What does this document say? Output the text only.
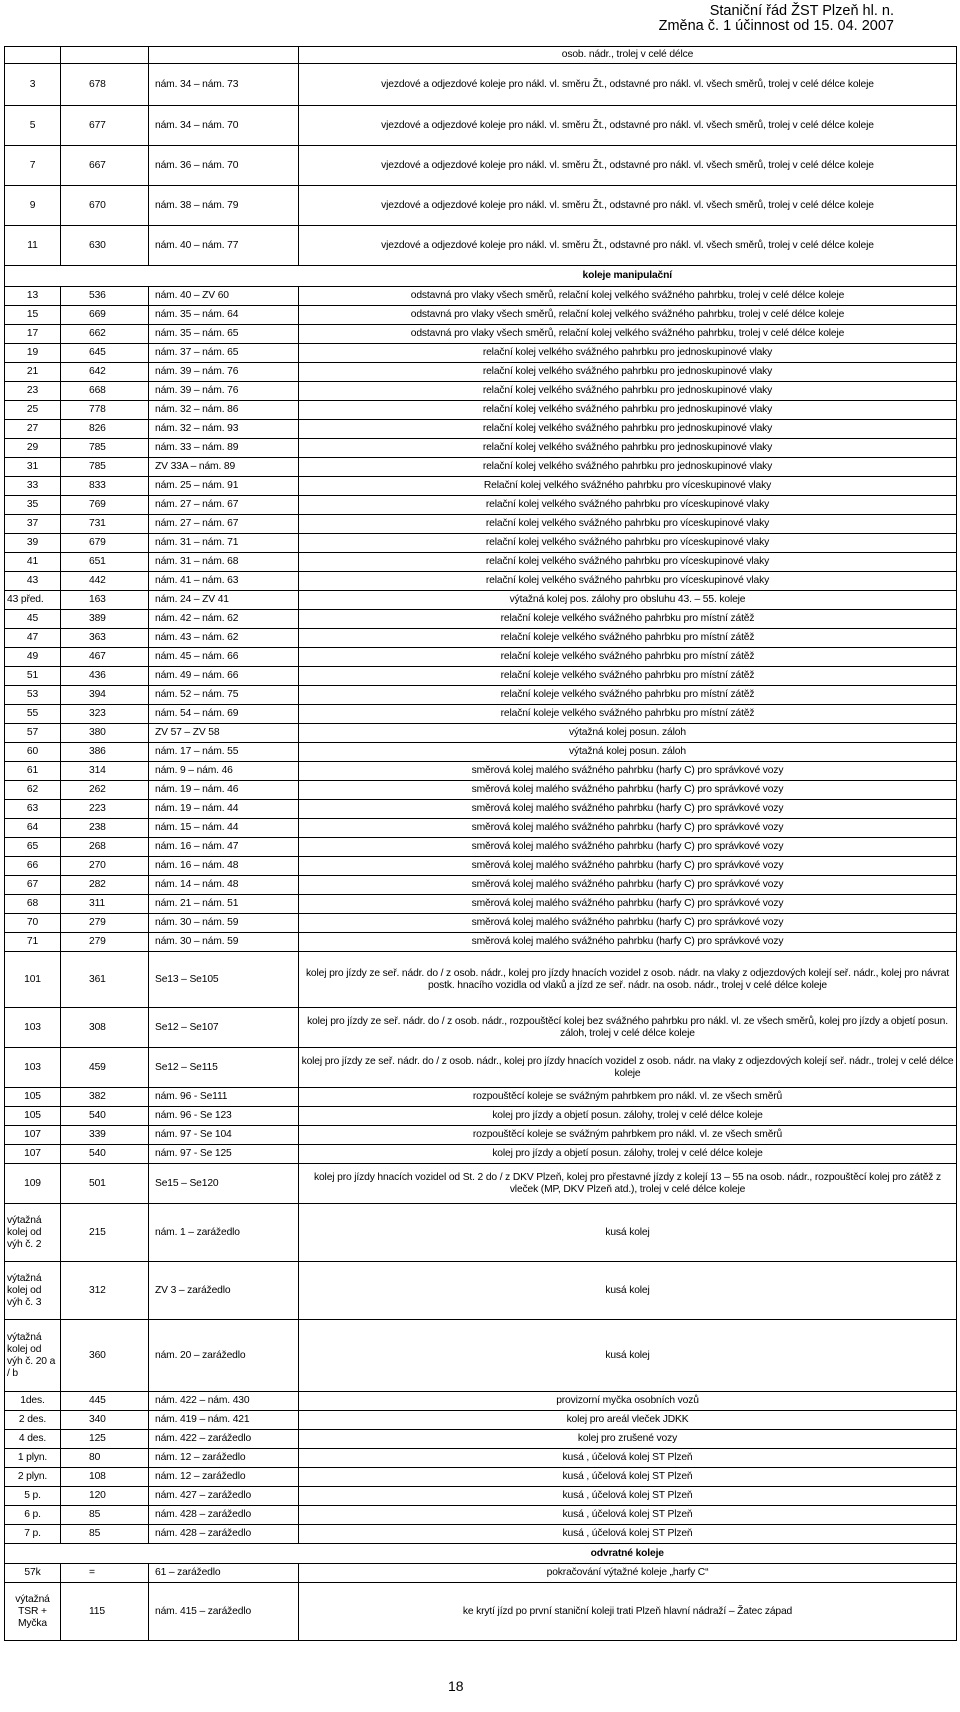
Staniční řád ŽST Plzeň hl. n.
Změna č. 1 účinnost od 15. 04. 2007
			osob. nádr., trolej v celé délce
3	678	nám. 34 – nám. 73	vjezdové a odjezdové koleje pro nákl. vl. směru Žt., odstavné pro nákl. vl. všech směrů, trolej v celé délce koleje
5	677	nám. 34 – nám. 70	vjezdové a odjezdové koleje pro nákl. vl. směru Žt., odstavné pro nákl. vl. všech směrů, trolej v celé délce koleje
7	667	nám. 36 – nám. 70	vjezdové a odjezdové koleje pro nákl. vl. směru Žt., odstavné pro nákl. vl. všech směrů, trolej v celé délce koleje
9	670	nám. 38 – nám. 79	vjezdové a odjezdové koleje pro nákl. vl. směru Žt., odstavné pro nákl. vl. všech směrů, trolej v celé délce koleje
11	630	nám. 40 – nám. 77	vjezdové a odjezdové koleje pro nákl. vl. směru Žt., odstavné pro nákl. vl. všech směrů, trolej v celé délce koleje
			koleje manipulační
13	536	nám. 40 – ZV 60	odstavná pro vlaky všech směrů, relační kolej velkého svážného pahrbku, trolej v celé délce koleje
15	669	nám. 35 – nám. 64	odstavná pro vlaky všech směrů, relační kolej velkého svážného pahrbku, trolej v celé délce koleje
17	662	nám. 35 – nám. 65	odstavná pro vlaky všech směrů, relační kolej velkého svážného pahrbku, trolej v celé délce koleje
19	645	nám. 37 – nám. 65	relační kolej velkého svážného pahrbku pro jednoskupinové vlaky
21	642	nám. 39 – nám. 76	relační kolej velkého svážného pahrbku pro jednoskupinové vlaky
23	668	nám. 39 – nám. 76	relační kolej velkého svážného pahrbku pro jednoskupinové vlaky
25	778	nám. 32 – nám. 86	relační kolej velkého svážného pahrbku pro jednoskupinové vlaky
27	826	nám. 32 – nám. 93	relační kolej velkého svážného pahrbku pro jednoskupinové vlaky
29	785	nám. 33 – nám. 89	relační kolej velkého svážného pahrbku pro jednoskupinové vlaky
31	785	ZV 33A – nám. 89	relační kolej velkého svážného pahrbku pro jednoskupinové vlaky
33	833	nám. 25 – nám. 91	Relační kolej velkého svážného pahrbku pro víceskupinové vlaky
35	769	nám. 27 – nám. 67	relační kolej velkého svážného pahrbku pro víceskupinové vlaky
37	731	nám. 27 – nám. 67	relační kolej velkého svážného pahrbku pro víceskupinové vlaky
39	679	nám. 31 – nám. 71	relační kolej velkého svážného pahrbku pro víceskupinové vlaky
41	651	nám. 31 – nám. 68	relační kolej velkého svážného pahrbku pro víceskupinové vlaky
43	442	nám. 41 – nám. 63	relační kolej velkého svážného pahrbku pro víceskupinové vlaky
43 před.	163	nám. 24 – ZV 41	výtažná kolej pos. zálohy pro obsluhu 43. – 55. koleje
45	389	nám. 42 – nám. 62	relační koleje velkého svážného pahrbku pro místní zátěž
47	363	nám. 43 – nám. 62	relační koleje velkého svážného pahrbku pro místní zátěž
49	467	nám. 45 – nám. 66	relační koleje velkého svážného pahrbku pro místní zátěž
51	436	nám. 49 – nám. 66	relační koleje velkého svážného pahrbku pro místní zátěž
53	394	nám. 52 – nám. 75	relační koleje velkého svážného pahrbku pro místní zátěž
55	323	nám. 54 – nám. 69	relační koleje velkého svážného pahrbku pro místní zátěž
57	380	ZV 57 – ZV 58	výtažná kolej posun. záloh
60	386	nám. 17 – nám. 55	výtažná kolej posun. záloh
61	314	nám. 9 – nám. 46	směrová kolej malého svážného pahrbku (harfy C) pro správkové vozy
62	262	nám. 19 – nám. 46	směrová kolej malého svážného pahrbku (harfy C) pro správkové vozy
63	223	nám. 19 – nám. 44	směrová kolej malého svážného pahrbku (harfy C) pro správkové vozy
64	238	nám. 15 – nám. 44	směrová kolej malého svážného pahrbku (harfy C) pro správkové vozy
65	268	nám. 16 – nám. 47	směrová kolej malého svážného pahrbku (harfy C) pro správkové vozy
66	270	nám. 16 – nám. 48	směrová kolej malého svážného pahrbku (harfy C) pro správkové vozy
67	282	nám. 14 – nám. 48	směrová kolej malého svážného pahrbku (harfy C) pro správkové vozy
68	311	nám. 21 – nám. 51	směrová kolej malého svážného pahrbku (harfy C) pro správkové vozy
70	279	nám. 30 – nám. 59	směrová kolej malého svážného pahrbku (harfy C) pro správkové vozy
71	279	nám. 30 – nám. 59	směrová kolej malého svážného pahrbku (harfy C) pro správkové vozy
101	361	Se13 – Se105	kolej pro jízdy ze seř. nádr. do / z osob. nádr., kolej pro jízdy hnacích vozidel z osob. nádr. na vlaky z odjezdových kolejí seř. nádr., kolej pro návrat postk. hnacího vozidla od vlaků a jízd ze seř. nádr. na osob. nádr., trolej v celé délce koleje
103	308	Se12 – Se107	kolej pro jízdy ze seř. nádr. do / z osob. nádr., rozpouštěcí kolej bez svážného pahrbku pro nákl. vl. ze všech směrů, kolej pro jízdy a objetí posun. záloh, trolej v celé délce koleje
103	459	Se12 – Se115	kolej pro jízdy ze seř. nádr. do / z osob. nádr., kolej pro jízdy hnacích vozidel z osob. nádr. na vlaky z odjezdových kolejí seř. nádr., trolej v celé délce koleje
105	382	nám. 96 - Se111	rozpouštěcí koleje se svážným pahrbkem pro nákl. vl. ze všech směrů
105	540	nám. 96 - Se 123	kolej pro jízdy a objetí posun. zálohy, trolej v celé délce koleje
107	339	nám. 97 - Se 104	rozpouštěcí koleje se svážným pahrbkem pro nákl. vl. ze všech směrů
107	540	nám. 97 - Se 125	kolej pro jízdy a objetí posun. zálohy, trolej v celé délce koleje
109	501	Se15 – Se120	kolej pro jízdy hnacích vozidel od St. 2 do / z DKV Plzeň, kolej pro přestavné jízdy z kolejí 13 – 55 na osob. nádr., rozpouštěcí kolej pro zátěž z vleček (MP, DKV Plzeň atd.), trolej v celé délce koleje
výtažná kolej od výh č. 2	215	nám. 1 – zarážedlo	kusá kolej
výtažná kolej od výh č. 3	312	ZV 3 – zarážedlo	kusá kolej
výtažná kolej od výh č. 20 a / b	360	nám. 20 – zarážedlo	kusá kolej
1des.	445	nám. 422 – nám. 430	provizorní myčka osobních vozů
2 des.	340	nám. 419 – nám. 421	kolej pro areál vleček JDKK
4 des.	125	nám. 422 – zarážedlo	kolej pro zrušené vozy
1 plyn.	80	nám. 12 – zarážedlo	kusá , účelová kolej ST Plzeň
2 plyn.	108	nám. 12 – zarážedlo	kusá , účelová kolej ST Plzeň
5 p.	120	nám. 427 – zarážedlo	kusá , účelová kolej ST Plzeň
6 p.	85	nám. 428 – zarážedlo	kusá , účelová kolej ST Plzeň
7 p.	85	nám. 428 – zarážedlo	kusá , účelová kolej ST Plzeň
			odvratné koleje
57k	=	61 – zarážedlo	pokračování výtažné koleje „harfy C“
výtažná TSR + Myčka	115	nám. 415 – zarážedlo	ke krytí jízd po první staniční koleji trati Plzeň hlavní nádraží – Žatec západ
18
